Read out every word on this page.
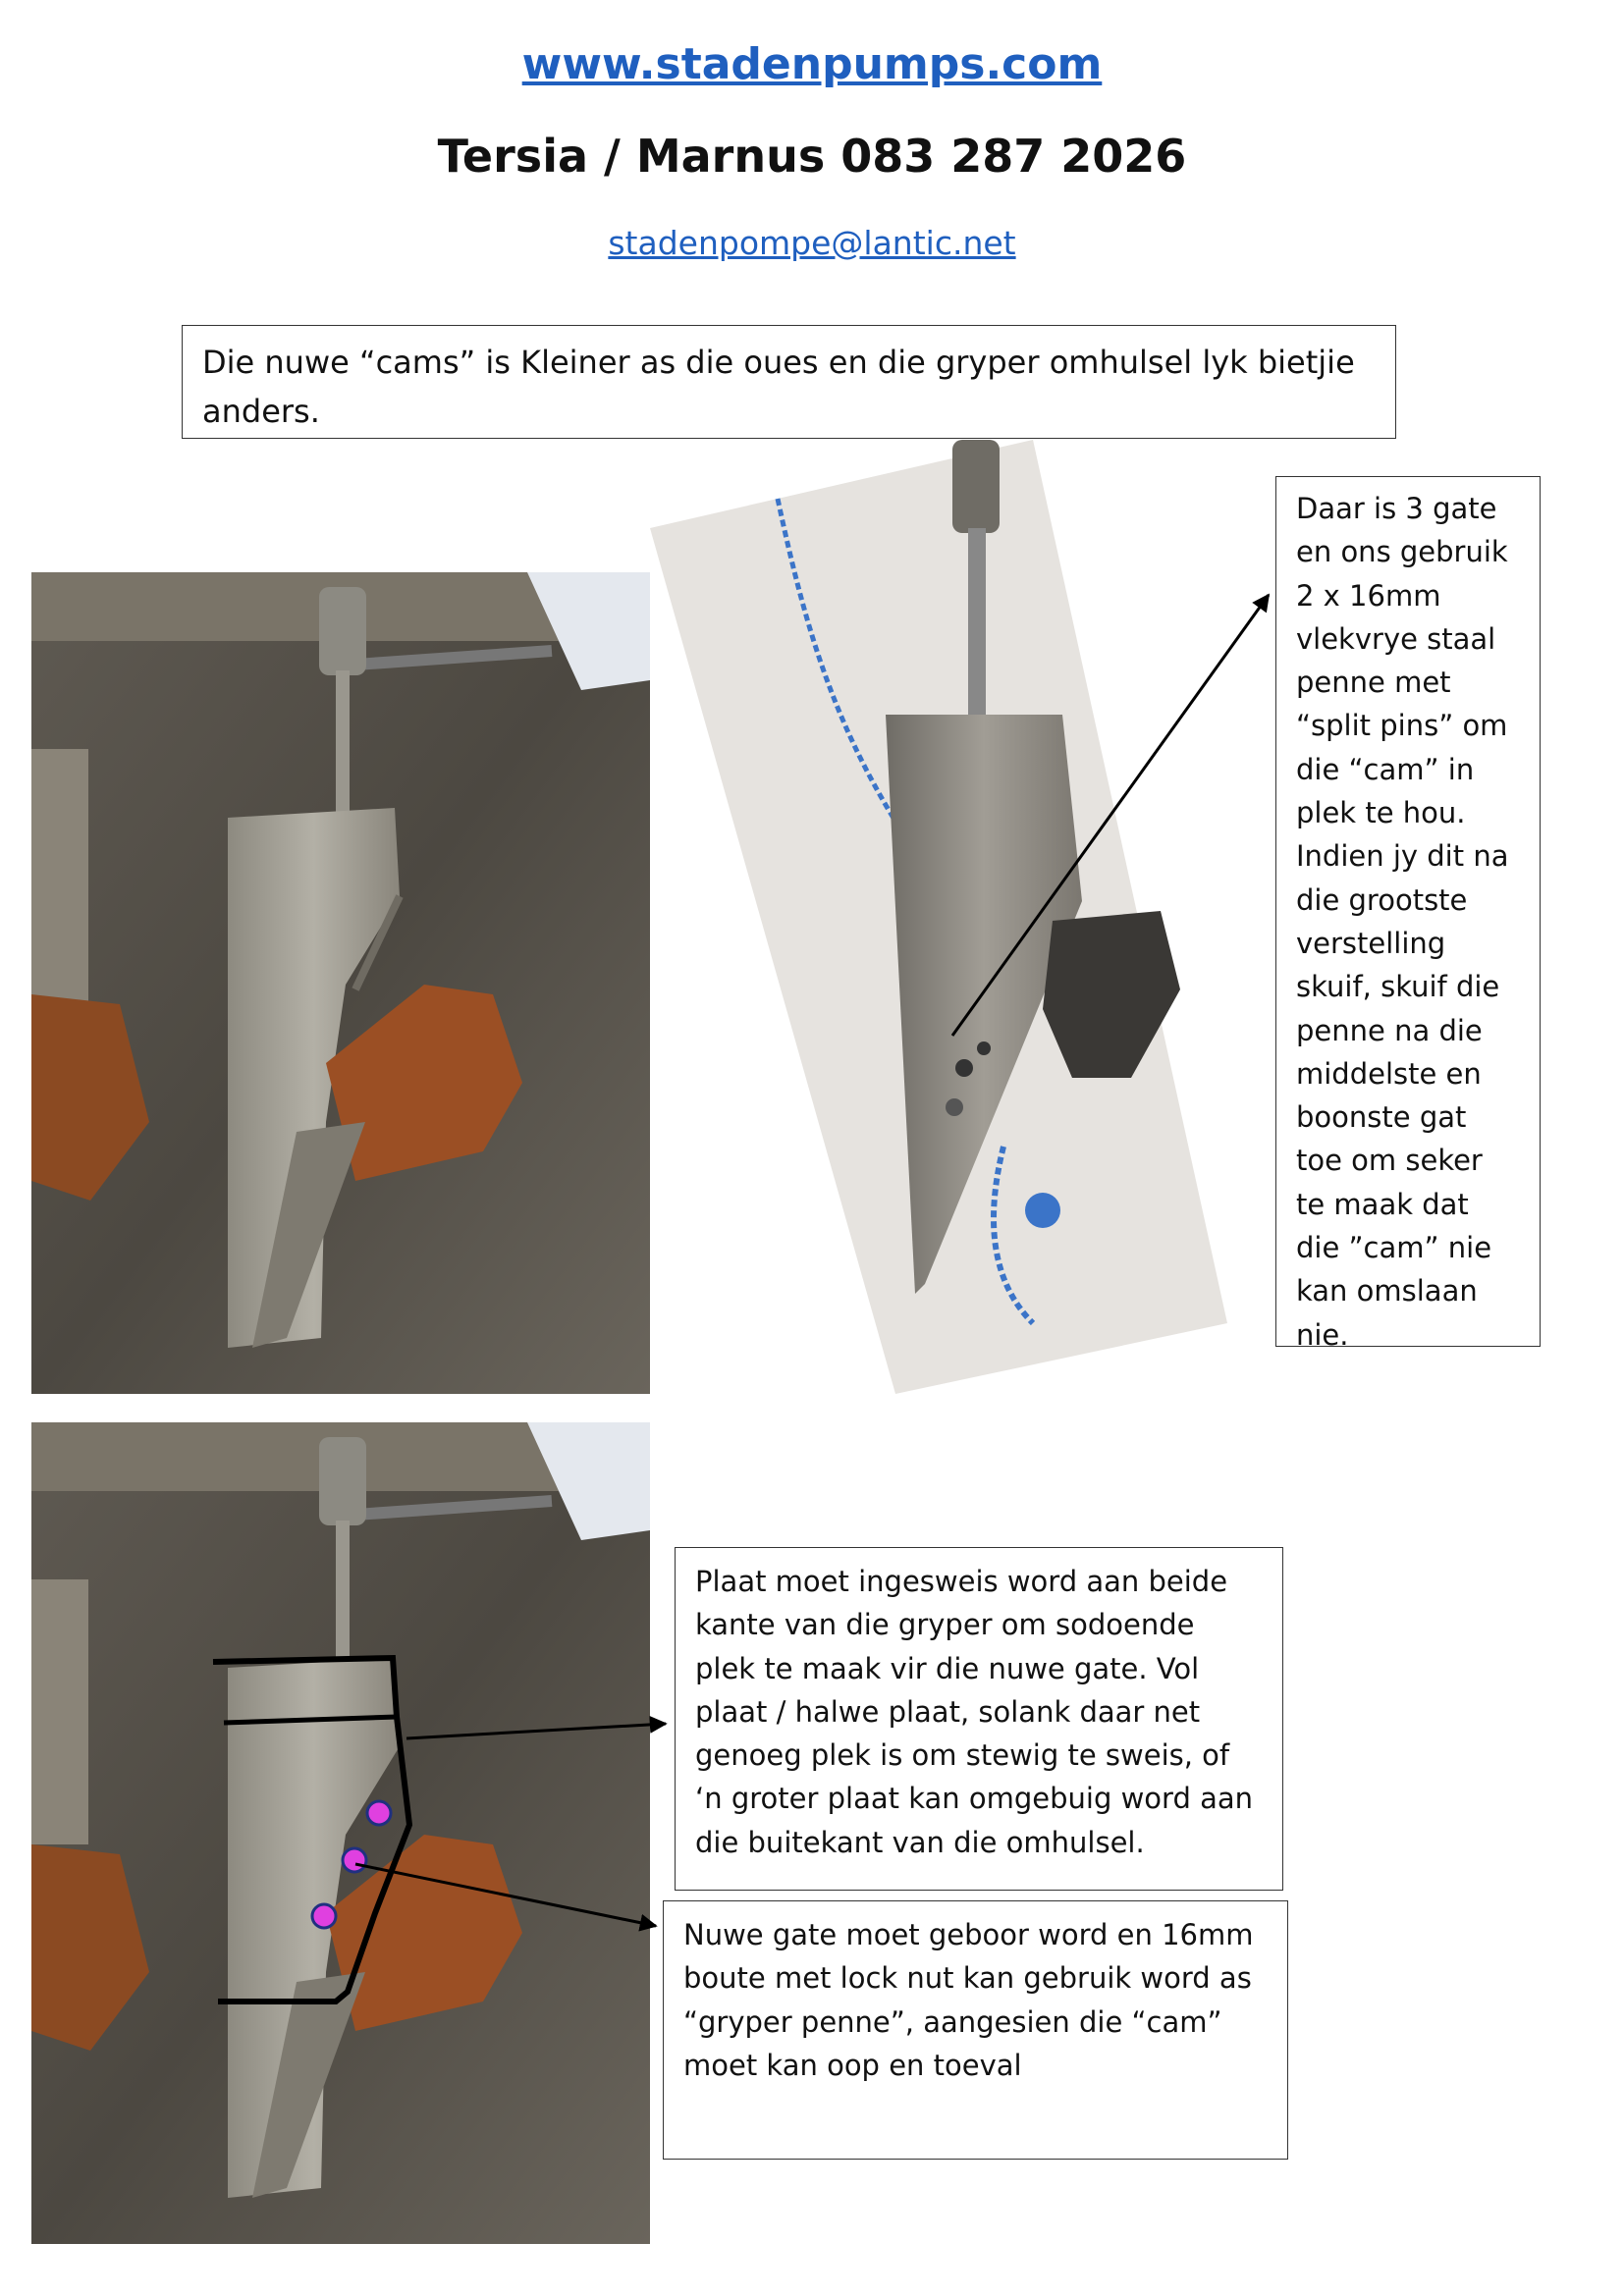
www.stadenpumps.com
Tersia / Marnus 083 287 2026
stadenpompe@lantic.net
Die nuwe “cams” is Kleiner as die oues en die gryper omhulsel lyk bietjie anders.
Daar is 3 gate en ons gebruik 2 x 16mm vlekvrye staal penne met “split pins” om die “cam” in plek te hou. Indien jy dit na die grootste verstelling skuif, skuif die penne na die middelste en boonste gat toe om seker te maak dat die ”cam” nie kan omslaan nie.
Plaat moet ingesweis word aan beide kante van die gryper om sodoende plek te maak vir die nuwe gate. Vol plaat / halwe plaat, solank daar net genoeg plek is om stewig te sweis, of ‘n groter plaat kan omgebuig word aan die buitekant van die omhulsel.
Nuwe gate moet geboor word en 16mm boute met lock nut kan gebruik word as “gryper penne”, aangesien die “cam” moet kan oop en toeval
